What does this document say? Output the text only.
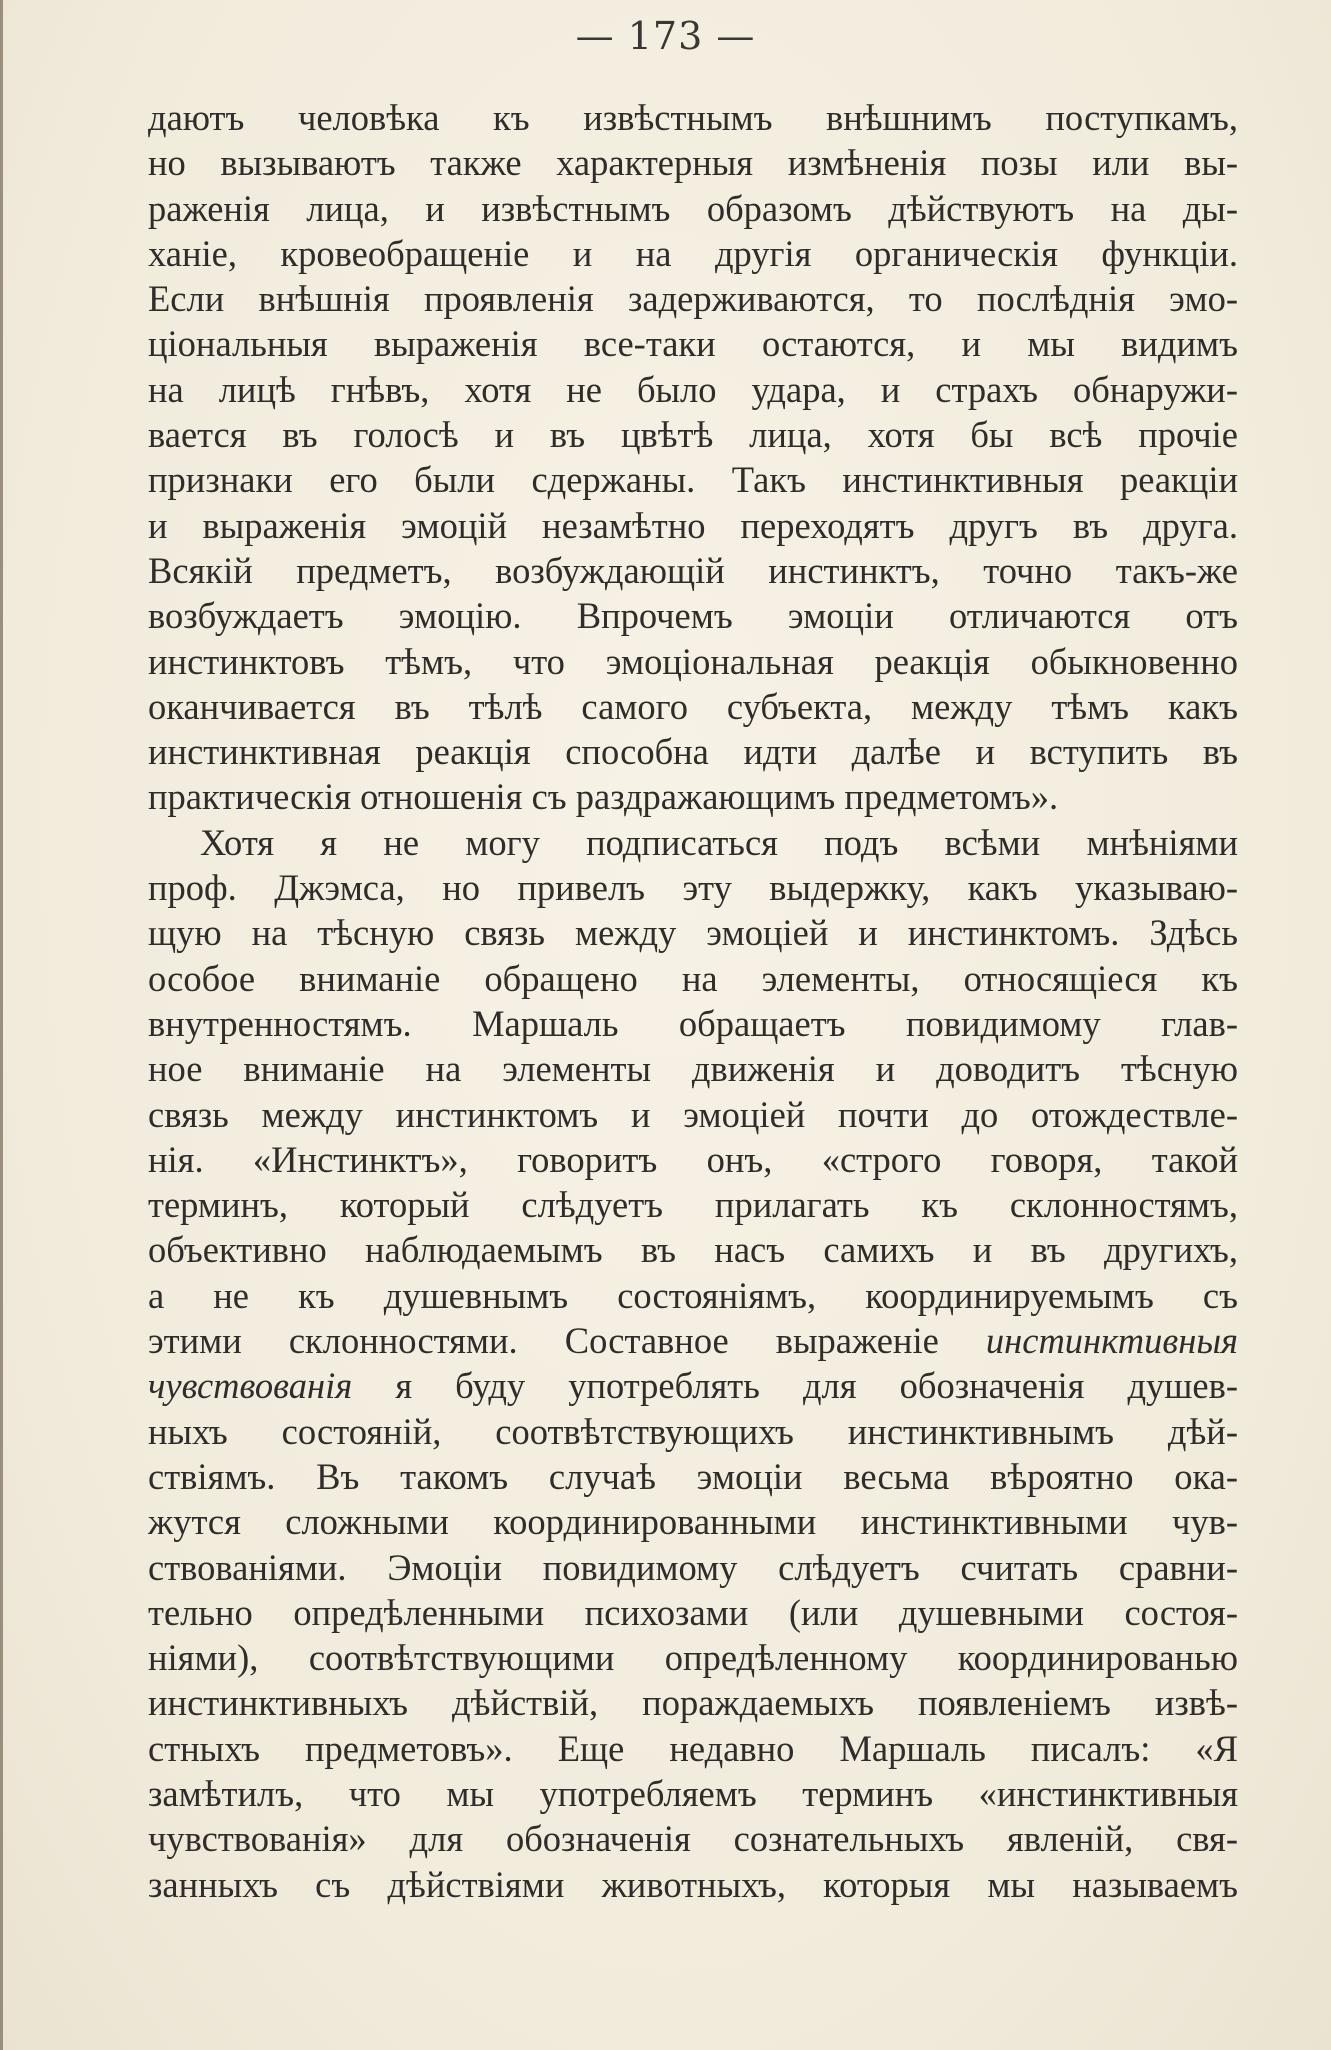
— 173 —
даютъ человѣка къ извѣстнымъ внѣшнимъ поступкамъ,
но вызываютъ также характерныя измѣненія позы или вы-
раженія лица, и извѣстнымъ образомъ дѣйствуютъ на ды-
ханіе, кровеобращеніе и на другія органическія функціи.
Если внѣшнія проявленія задерживаются, то послѣднія эмо-
ціональныя выраженія все-таки остаются, и мы видимъ
на лицѣ гнѣвъ, хотя не было удара, и страхъ обнаружи-
вается въ голосѣ и въ цвѣтѣ лица, хотя бы всѣ прочіе
признаки его были сдержаны. Такъ инстинктивныя реакціи
и выраженія эмоцій незамѣтно переходятъ другъ въ друга.
Всякій предметъ, возбуждающій инстинктъ, точно такъ-же
возбуждаетъ эмоцію. Впрочемъ эмоціи отличаются отъ
инстинктовъ тѣмъ, что эмоціональная реакція обыкновенно
оканчивается въ тѣлѣ самого субъекта, между тѣмъ какъ
инстинктивная реакція способна идти далѣе и вступить въ
практическія отношенія съ раздражающимъ предметомъ».
Хотя я не могу подписаться подъ всѣми мнѣніями
проф. Джэмса, но привелъ эту выдержку, какъ указываю-
щую на тѣсную связь между эмоціей и инстинктомъ. Здѣсь
особое вниманіе обращено на элементы, относящіеся къ
внутренностямъ. Маршаль обращаетъ повидимому глав-
ное вниманіе на элементы движенія и доводитъ тѣсную
связь между инстинктомъ и эмоціей почти до отождествле-
нія. «Инстинктъ», говоритъ онъ, «строго говоря, такой
терминъ, который слѣдуетъ прилагать къ склонностямъ,
объективно наблюдаемымъ въ насъ самихъ и въ другихъ,
а не къ душевнымъ состояніямъ, координируемымъ съ
этими склонностями. Составное выраженіе инстинктивныя
чувствованія я буду употреблять для обозначенія душев-
ныхъ состояній, соотвѣтствующихъ инстинктивнымъ дѣй-
ствіямъ. Въ такомъ случаѣ эмоціи весьма вѣроятно ока-
жутся сложными координированными инстинктивными чув-
ствованіями. Эмоціи повидимому слѣдуетъ считать сравни-
тельно опредѣленными психозами (или душевными состоя-
ніями), соотвѣтствующими опредѣленному координированью
инстинктивныхъ дѣйствій, пораждаемыхъ появленіемъ извѣ-
стныхъ предметовъ». Еще недавно Маршаль писалъ: «Я
замѣтилъ, что мы употребляемъ терминъ «инстинктивныя
чувствованія» для обозначенія сознательныхъ явленій, свя-
занныхъ съ дѣйствіями животныхъ, которыя мы называемъ
